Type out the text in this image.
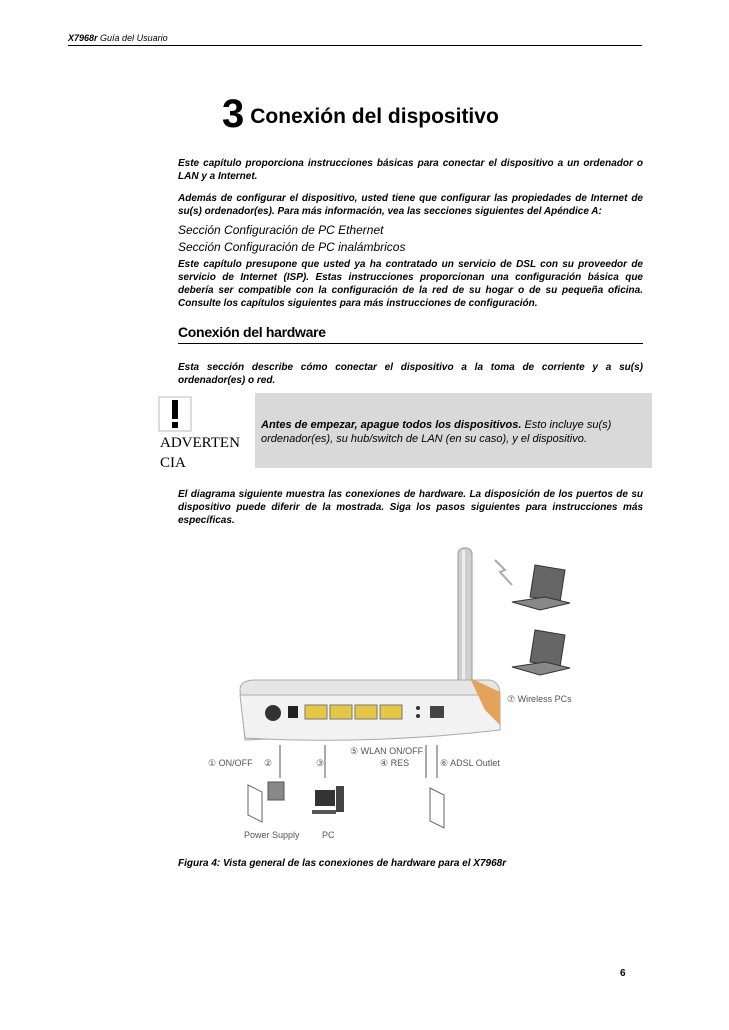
X7968r Guía del Usuario
3 Conexión del dispositivo

Este capítulo proporciona instrucciones básicas para conectar el dispositivo a un ordenador o LAN y a Internet.

Además de configurar el dispositivo, usted tiene que configurar las propiedades de Internet de su(s) ordenador(es). Para más información, vea las secciones siguientes del Apéndice A:

Sección Configuración de PC Ethernet
Sección Configuración de PC inalámbricos

Este capítulo presupone que usted ya ha contratado un servicio de DSL con su proveedor de servicio de Internet (ISP). Estas instrucciones proporcionan una configuración básica que debería ser compatible con la configuración de la red de su hogar o de su pequeña oficina. Consulte los capítulos siguientes para más instrucciones de configuración.

Conexión del hardware

Esta sección describe cómo conectar el dispositivo a la toma de corriente y a su(s) ordenador(es) o red.

ADVERTENCIA
Antes de empezar, apague todos los dispositivos. Esto incluye su(s) ordenador(es), su hub/switch de LAN (en su caso), y el dispositivo.

El diagrama siguiente muestra las conexiones de hardware. La disposición de los puertos de su dispositivo puede diferir de la mostrada. Siga los pasos siguientes para instrucciones más específicas.

⑦ Wireless PCs
⑤ WLAN ON/OFF
① ON/OFF ②	③	④ RES	⑥ ADSL Outlet
Power Supply PC
Figura 4: Vista general de las conexiones de hardware para el X7968r
6
